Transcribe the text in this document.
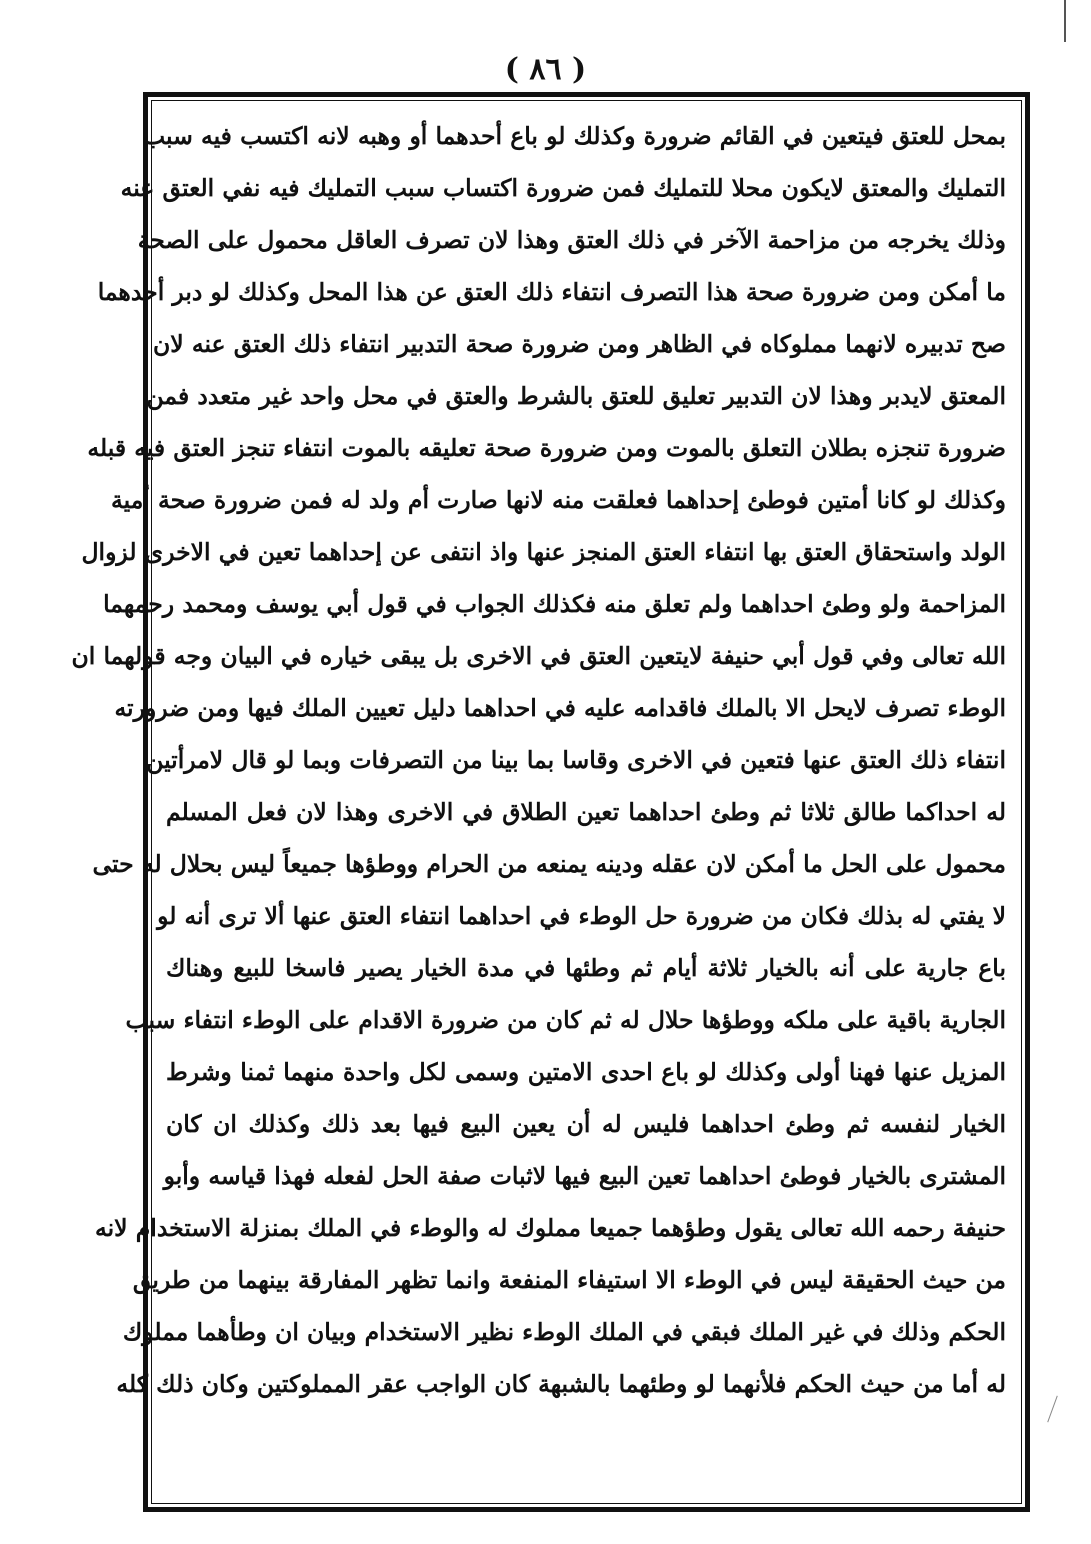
( ٨٦ )
بمحل للعتق فيتعين في القائم ضرورة وكذلك لو باع أحدهما أو وهبه لانه اكتسب فيه سبب
التمليك والمعتق لايكون محلا للتمليك فمن ضرورة اكتساب سبب التمليك فيه نفي العتق عنه
وذلك يخرجه من مزاحمة الآخر في ذلك العتق وهذا لان تصرف العاقل محمول على الصحة
ما أمكن ومن ضرورة صحة هذا التصرف انتفاء ذلك العتق عن هذا المحل وكذلك لو دبر أحدهما
صح تدبيره لانهما مملوكاه في الظاهر ومن ضرورة صحة التدبير انتفاء ذلك العتق عنه لان
المعتق لايدبر وهذا لان التدبير تعليق للعتق بالشرط والعتق في محل واحد غير متعدد فمن
ضرورة تنجزه بطلان التعلق بالموت ومن ضرورة صحة تعليقه بالموت انتفاء تنجز العتق فيه قبله
وكذلك لو كانا أمتين فوطئ إحداهما فعلقت منه لانها صارت أم ولد له فمن ضرورة صحة أمية
الولد واستحقاق العتق بها انتفاء العتق المنجز عنها واذ انتفى عن إحداهما تعين في الاخرى لزوال
المزاحمة ولو وطئ احداهما ولم تعلق منه فكذلك الجواب في قول أبي يوسف ومحمد رحمهما
الله تعالى وفي قول أبي حنيفة لايتعين العتق في الاخرى بل يبقى خياره في البيان وجه قولهما ان
الوطء تصرف لايحل الا بالملك فاقدامه عليه في احداهما دليل تعيين الملك فيها ومن ضرورته
انتفاء ذلك العتق عنها فتعين في الاخرى وقاسا بما بينا من التصرفات وبما لو قال لامرأتين
له احداكما طالق ثلاثا ثم وطئ احداهما تعين الطلاق في الاخرى وهذا لان فعل المسلم
محمول على الحل ما أمكن لان عقله ودينه يمنعه من الحرام ووطؤها جميعاً ليس بحلال له حتى
لا يفتي له بذلك فكان من ضرورة حل الوطء في احداهما انتفاء العتق عنها ألا ترى أنه لو
باع جارية على أنه بالخيار ثلاثة أيام ثم وطئها في مدة الخيار يصير فاسخا للبيع وهناك
الجارية باقية على ملكه ووطؤها حلال له ثم كان من ضرورة الاقدام على الوطء انتفاء سبب
المزيل عنها فهنا أولى وكذلك لو باع احدى الامتين وسمى لكل واحدة منهما ثمنا وشرط
الخيار لنفسه ثم وطئ احداهما فليس له أن يعين البيع فيها بعد ذلك وكذلك ان كان
المشترى بالخيار فوطئ احداهما تعين البيع فيها لاثبات صفة الحل لفعله فهذا قياسه وأبو
حنيفة رحمه الله تعالى يقول وطؤهما جميعا مملوك له والوطء في الملك بمنزلة الاستخدام لانه
من حيث الحقيقة ليس في الوطء الا استيفاء المنفعة وانما تظهر المفارقة بينهما من طريق
الحكم وذلك في غير الملك فبقي في الملك الوطء نظير الاستخدام وبيان ان وطأهما مملوك
له أما من حيث الحكم فلأنهما لو وطئهما بالشبهة كان الواجب عقر المملوكتين وكان ذلك كله
